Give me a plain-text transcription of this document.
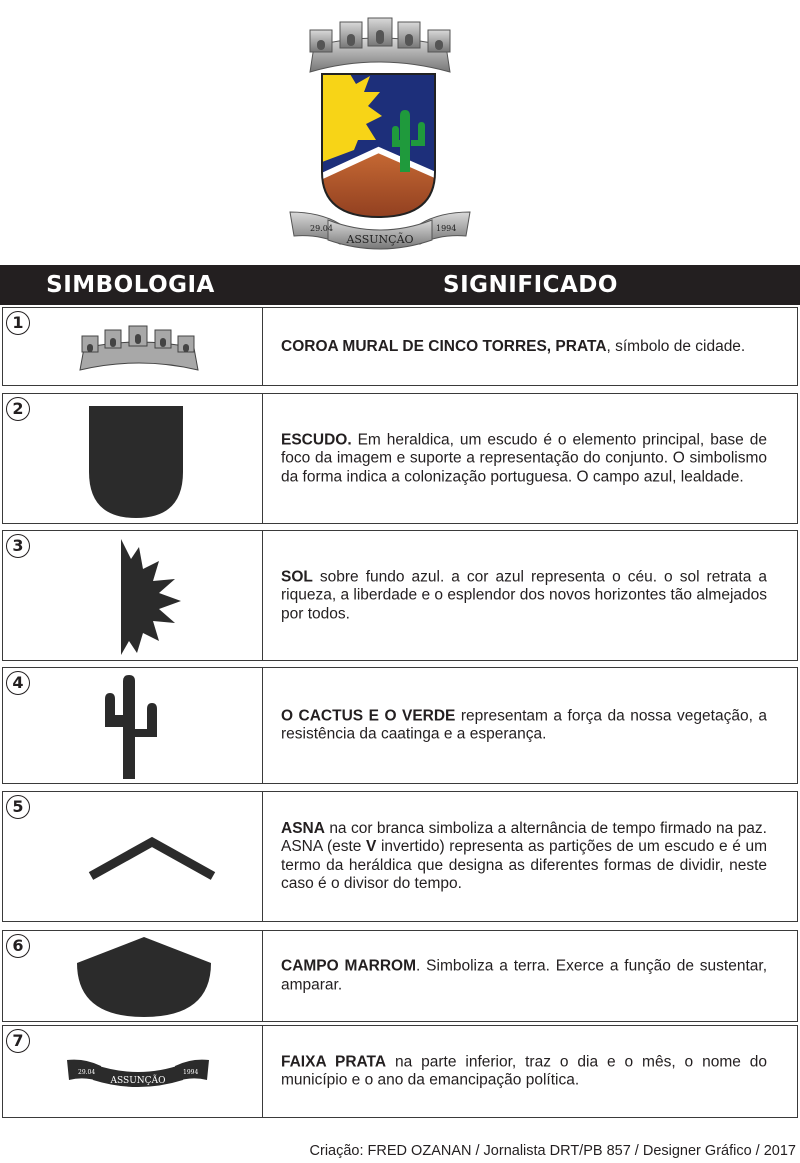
29.04
ASSUNÇÃO
1994
SIMBOLOGIA	SIGNIFICADO
1
COROA MURAL DE CINCO TORRES, PRATA, símbolo de cidade.
2
ESCUDO. Em heraldica, um escudo é o elemento principal, base de foco da imagem e suporte a representação do conjunto. O simbolismo da forma indica a colonização portuguesa. O campo azul, lealdade.
3
SOL sobre fundo azul. a cor azul representa o céu. o sol retrata a riqueza, a liberdade e o esplendor dos novos horizontes tão almejados por todos.
4
O CACTUS E O VERDE representam a força da nossa vegetação, a resistência da caatinga e a esperança.
5
ASNA na cor branca simboliza a alternância de tempo firmado na paz. ASNA (este V invertido) representa as partições de um escudo e é um termo da heráldica que designa as diferentes formas de dividir, neste caso é o divisor do tempo.
6
CAMPO MARROM. Simboliza a terra. Exerce a função de sustentar, amparar.
7
29.04
ASSUNÇÃO
1994
FAIXA PRATA na parte inferior, traz o dia e o mês, o nome do município e o ano da emancipação política.
Criação: FRED OZANAN / Jornalista DRT/PB 857 / Designer Gráfico / 2017
